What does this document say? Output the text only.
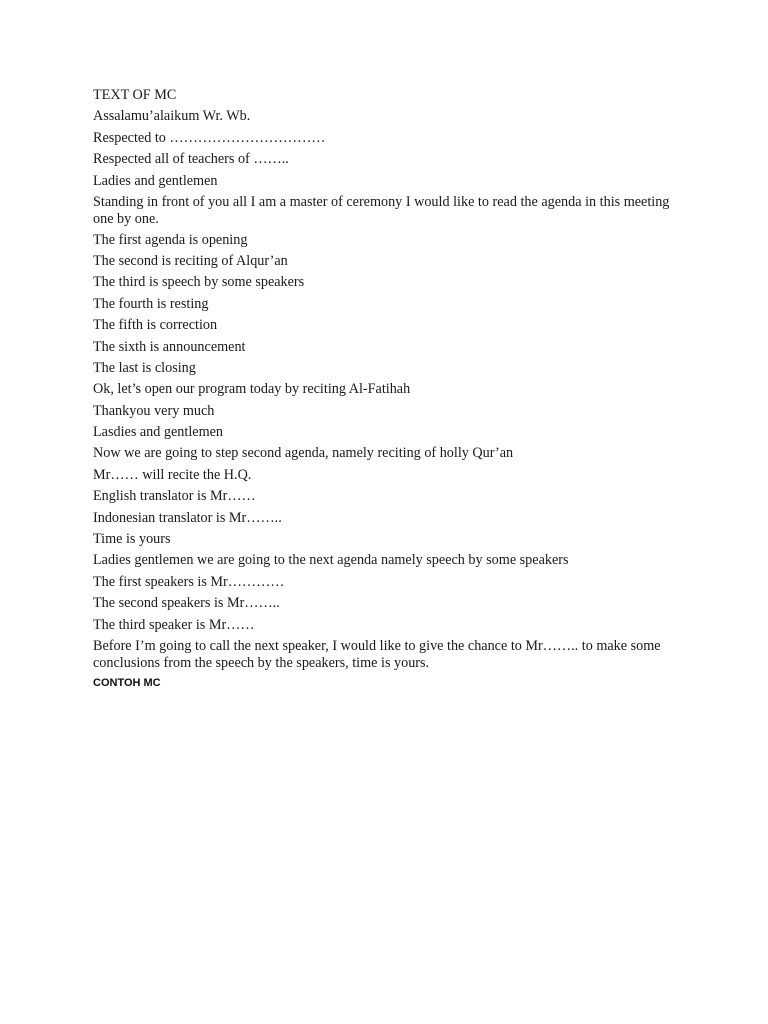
TEXT OF MC
Assalamu’alaikum Wr. Wb.
Respected to ……………………………
Respected all of teachers of ……..
Ladies and gentlemen
Standing in front of you all I am a master of ceremony I would like to read the agenda in this meeting one by one.
The first agenda is opening
The second is reciting of Alqur’an
The third is speech by some speakers
The fourth is resting
The fifth is correction
The sixth is announcement
The last is closing
Ok, let’s open our program today by reciting Al-Fatihah
Thankyou very much
Lasdies and gentlemen
Now we are going to step second agenda, namely reciting of holly Qur’an
Mr…… will recite the H.Q.
English translator is Mr……
Indonesian translator is Mr……..
Time is yours
Ladies gentlemen we are going to the next agenda namely speech by some speakers
The first speakers is Mr…………
The second speakers is Mr……..
The third speaker is Mr……
Before I’m going to call the next speaker, I would like to give the chance to Mr…….. to make some conclusions from the speech by the speakers, time is yours.
CONTOH MC
